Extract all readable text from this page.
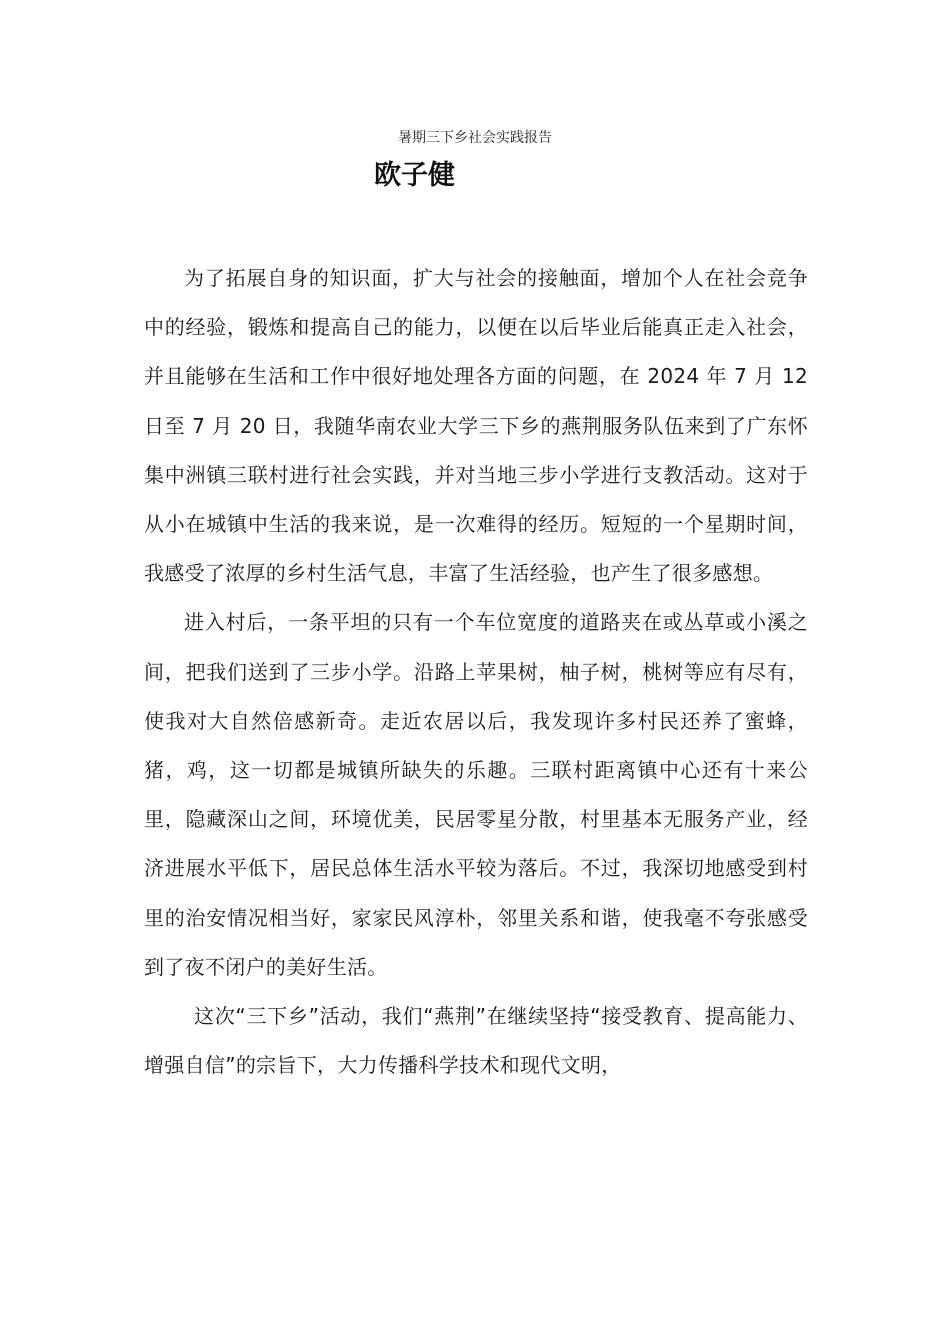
暑期三下乡社会实践报告
欧子健

为了拓展自身的知识面，扩大与社会的接触面，增加个人在社会竞争中的经验，锻炼和提高自己的能力，以便在以后毕业后能真正走入社会，并且能够在生活和工作中很好地处理各方面的问题，在 2024 年 7 月 12 日至 7 月 20 日，我随华南农业大学三下乡的燕荆服务队伍来到了广东怀集中洲镇三联村进行社会实践，并对当地三步小学进行支教活动。这对于从小在城镇中生活的我来说，是一次难得的经历。短短的一个星期时间，我感受了浓厚的乡村生活气息，丰富了生活经验，也产生了很多感想。

进入村后，一条平坦的只有一个车位宽度的道路夹在或丛草或小溪之间，把我们送到了三步小学。沿路上苹果树，柚子树，桃树等应有尽有，使我对大自然倍感新奇。走近农居以后，我发现许多村民还养了蜜蜂，猪，鸡，这一切都是城镇所缺失的乐趣。三联村距离镇中心还有十来公里，隐藏深山之间，环境优美，民居零星分散，村里基本无服务产业，经济进展水平低下，居民总体生活水平较为落后。不过，我深切地感受到村里的治安情况相当好，家家民风淳朴，邻里关系和谐，使我毫不夸张感受到了夜不闭户的美好生活。

这次“三下乡”活动，我们“燕荆”在继续坚持“接受教育、提高能力、增强自信”的宗旨下，大力传播科学技术和现代文明，
